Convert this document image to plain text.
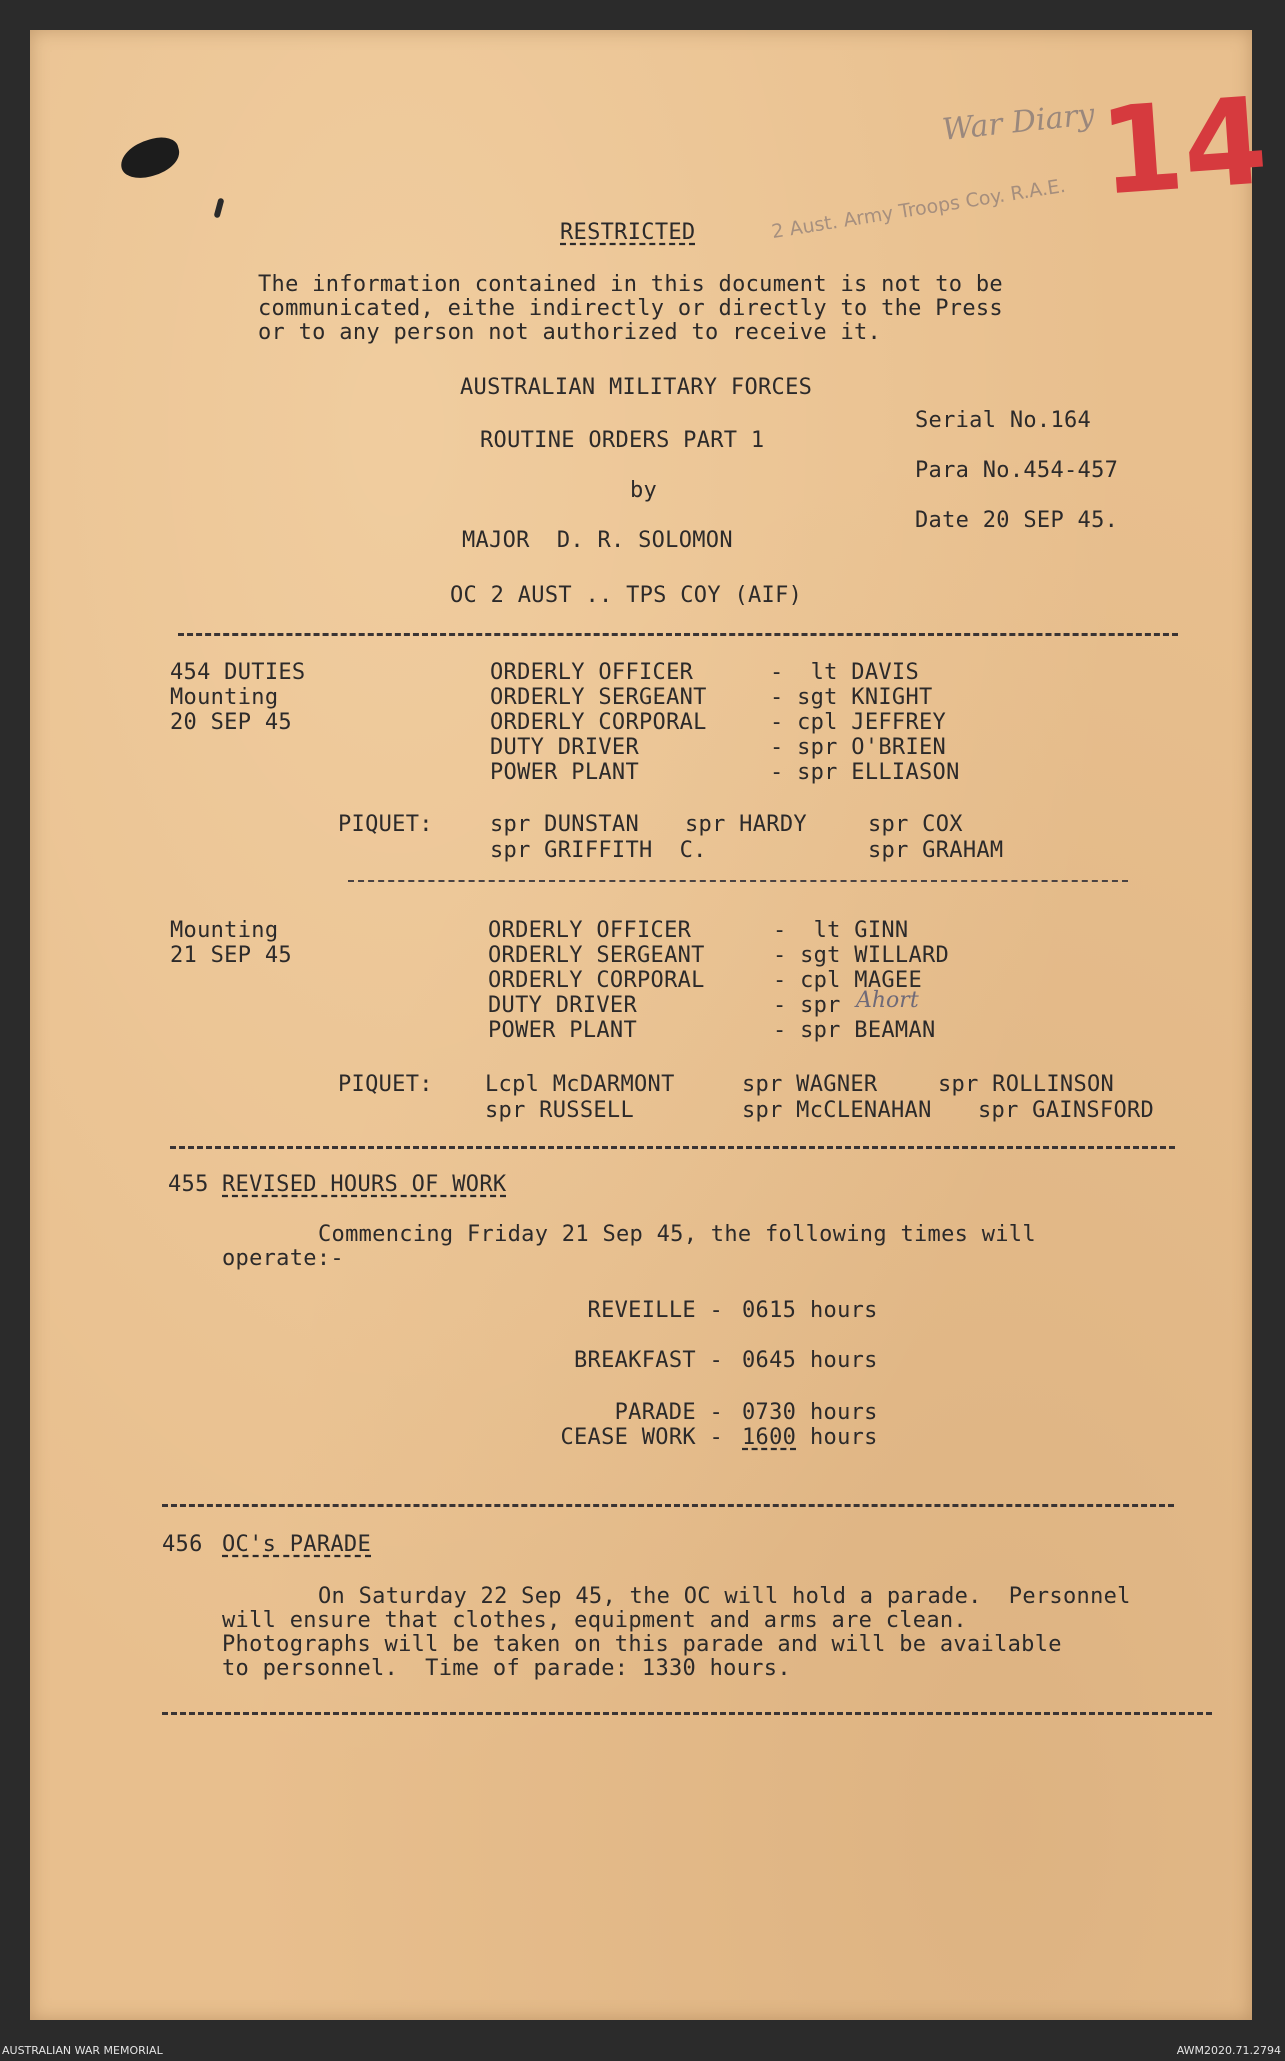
War Diary 14
2 Aust. Army Troops Coy. R.A.E.
RESTRICTED
The information contained in this document is not to be
communicated, eithe indirectly or directly to the Press
or to any person not authorized to receive it.
AUSTRALIAN MILITARY FORCES
ROUTINE ORDERS PART 1
by
MAJOR  D. R. SOLOMON
OC 2 AUST .. TPS COY (AIF)
Serial No.164
Para No.454-457
Date 20 SEP 45.
454 DUTIES
Mounting
20 SEP 45
ORDERLY OFFICER	-  lt DAVIS
ORDERLY SERGEANT	- sgt KNIGHT
ORDERLY CORPORAL	- cpl JEFFREY
DUTY DRIVER	- spr O'BRIEN
POWER PLANT	- spr ELLIASON
PIQUET:	spr DUNSTAN spr HARDY	spr COX
spr GRIFFITH  C.	spr GRAHAM
Mounting
21 SEP 45
ORDERLY OFFICER	-  lt GINN
ORDERLY SERGEANT	- sgt WILLARD
ORDERLY CORPORAL	- cpl MAGEE
DUTY DRIVER	- spr Ahort
POWER PLANT	- spr BEAMAN
PIQUET: Lcpl McDARMONT	spr WAGNER	spr ROLLINSON
spr RUSSELL	spr McCLENAHAN spr GAINSFORD
455 REVISED HOURS OF WORK
Commencing Friday 21 Sep 45, the following times will
operate:-
REVEILLE - 0615 hours
BREAKFAST - 0645 hours
PARADE - 0730 hours
CEASE WORK - 1600 hours
456 OC's PARADE
On Saturday 22 Sep 45, the OC will hold a parade.  Personnel
will ensure that clothes, equipment and arms are clean.
Photographs will be taken on this parade and will be available
to personnel.  Time of parade: 1330 hours.
AUSTRALIAN WAR MEMORIAL	AWM2020.71.2794
